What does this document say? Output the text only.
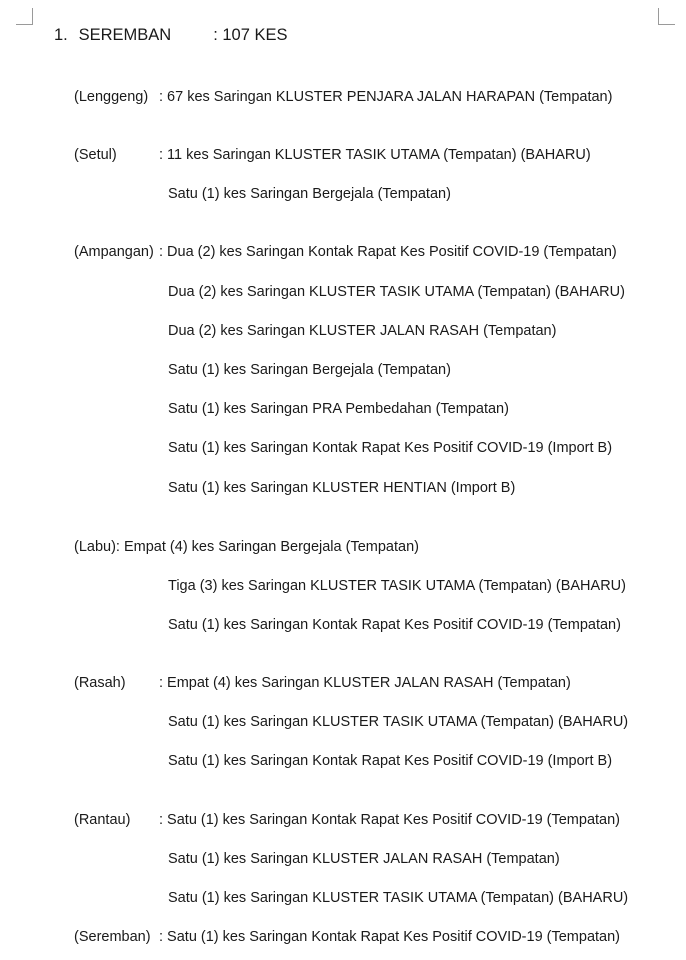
1. SEREMBAN	: 107 KES
(Lenggeng) : 67 kes Saringan KLUSTER PENJARA JALAN HARAPAN (Tempatan)
(Setul)	: 11 kes Saringan KLUSTER TASIK UTAMA (Tempatan) (BAHARU)
Satu (1) kes Saringan Bergejala (Tempatan)
(Ampangan) : Dua (2) kes Saringan Kontak Rapat Kes Positif COVID-19 (Tempatan)
Dua (2) kes Saringan KLUSTER TASIK UTAMA (Tempatan) (BAHARU)
Dua (2) kes Saringan KLUSTER JALAN RASAH (Tempatan)
Satu (1) kes Saringan Bergejala (Tempatan)
Satu (1) kes Saringan PRA Pembedahan (Tempatan)
Satu (1) kes Saringan Kontak Rapat Kes Positif COVID-19 (Import B)
Satu (1) kes Saringan KLUSTER HENTIAN (Import B)
(Labu): Empat (4) kes Saringan Bergejala (Tempatan)
Tiga (3) kes Saringan KLUSTER TASIK UTAMA (Tempatan) (BAHARU)
Satu (1) kes Saringan Kontak Rapat Kes Positif COVID-19 (Tempatan)
(Rasah) : Empat (4) kes Saringan KLUSTER JALAN RASAH (Tempatan)
Satu (1) kes Saringan KLUSTER TASIK UTAMA (Tempatan) (BAHARU)
Satu (1) kes Saringan Kontak Rapat Kes Positif COVID-19 (Import B)
(Rantau) : Satu (1) kes Saringan Kontak Rapat Kes Positif COVID-19 (Tempatan)
Satu (1) kes Saringan KLUSTER JALAN RASAH (Tempatan)
Satu (1) kes Saringan KLUSTER TASIK UTAMA (Tempatan) (BAHARU)
(Seremban) : Satu (1) kes Saringan Kontak Rapat Kes Positif COVID-19 (Tempatan)
